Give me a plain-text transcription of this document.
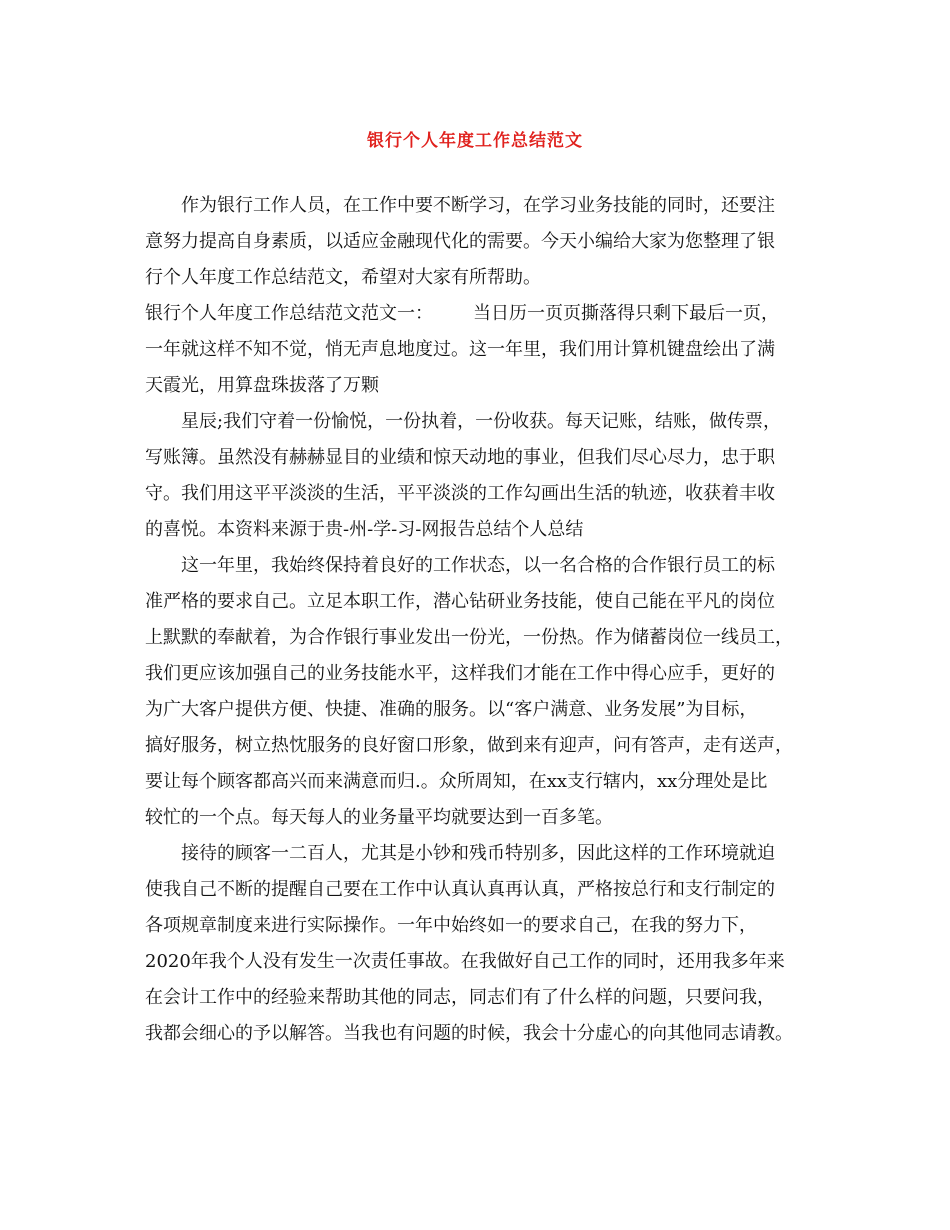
银行个人年度工作总结范文
作为银行工作人员，在工作中要不断学习，在学习业务技能的同时，还要注
意努力提高自身素质，以适应金融现代化的需要。今天小编给大家为您整理了银
行个人年度工作总结范文，希望对大家有所帮助。
银行个人年度工作总结范文范文一： 当日历一页页撕落得只剩下最后一页，
一年就这样不知不觉，悄无声息地度过。这一年里，我们用计算机键盘绘出了满
天霞光，用算盘珠拔落了万颗
星辰;我们守着一份愉悦，一份执着，一份收获。每天记账，结账，做传票，
写账簿。虽然没有赫赫显目的业绩和惊天动地的事业，但我们尽心尽力，忠于职
守。我们用这平平淡淡的生活，平平淡淡的工作勾画出生活的轨迹，收获着丰收
的喜悦。本资料来源于贵-州-学-习-网报告总结个人总结
这一年里，我始终保持着良好的工作状态，以一名合格的合作银行员工的标
准严格的要求自己。立足本职工作，潜心钻研业务技能，使自己能在平凡的岗位
上默默的奉献着，为合作银行事业发出一份光，一份热。作为储蓄岗位一线员工，
我们更应该加强自己的业务技能水平，这样我们才能在工作中得心应手，更好的
为广大客户提供方便、快捷、准确的服务。以“客户满意、业务发展”为目标，
搞好服务，树立热忱服务的良好窗口形象，做到来有迎声，问有答声，走有送声，
要让每个顾客都高兴而来满意而归.。众所周知，在xx支行辖内，xx分理处是比
较忙的一个点。每天每人的业务量平均就要达到一百多笔。
接待的顾客一二百人，尤其是小钞和残币特别多，因此这样的工作环境就迫
使我自己不断的提醒自己要在工作中认真认真再认真，严格按总行和支行制定的
各项规章制度来进行实际操作。一年中始终如一的要求自己，在我的努力下，
2020年我个人没有发生一次责任事故。在我做好自己工作的同时，还用我多年来
在会计工作中的经验来帮助其他的同志，同志们有了什么样的问题，只要问我，
我都会细心的予以解答。当我也有问题的时候，我会十分虚心的向其他同志请教。
